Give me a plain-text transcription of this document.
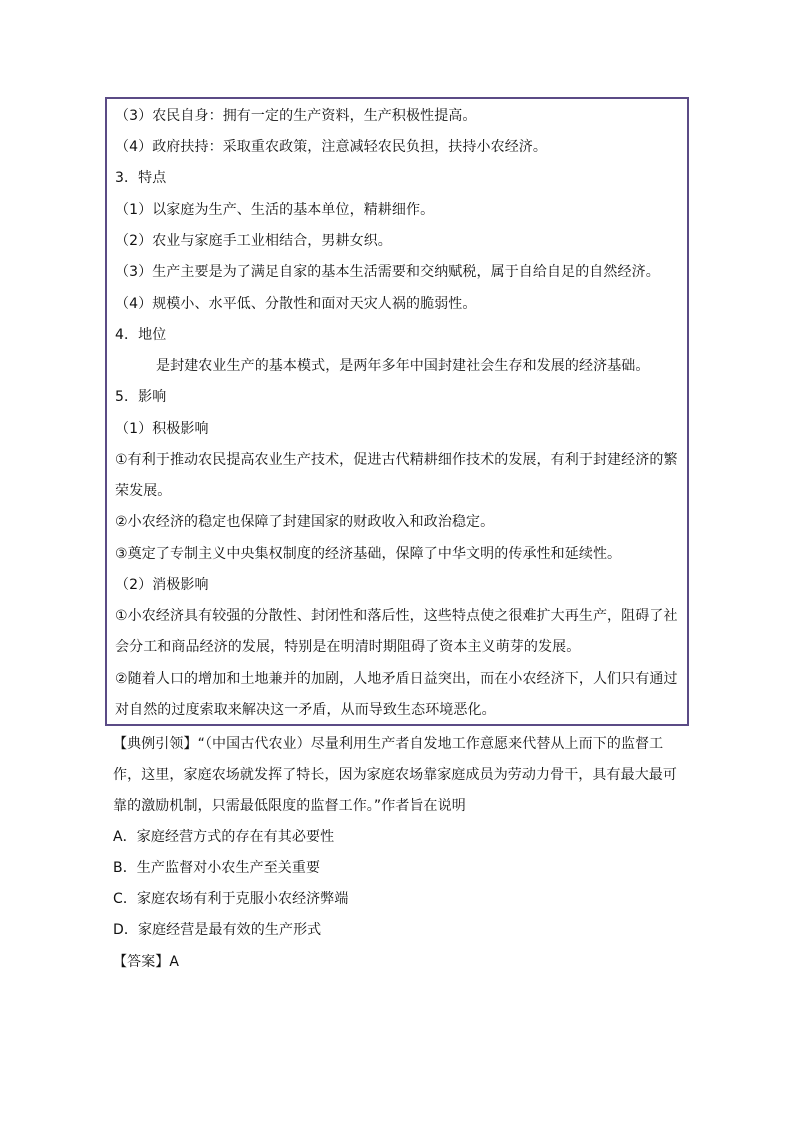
（3）农民自身：拥有一定的生产资料，生产积极性提高。
（4）政府扶持：采取重农政策，注意减轻农民负担，扶持小农经济。
3．特点
（1）以家庭为生产、生活的基本单位，精耕细作。
（2）农业与家庭手工业相结合，男耕女织。
（3）生产主要是为了满足自家的基本生活需要和交纳赋税，属于自给自足的自然经济。
（4）规模小、水平低、分散性和面对天灾人祸的脆弱性。
4．地位
是封建农业生产的基本模式，是两年多年中国封建社会生存和发展的经济基础。
5．影响
（1）积极影响
①有利于推动农民提高农业生产技术，促进古代精耕细作技术的发展，有利于封建经济的繁
荣发展。
②小农经济的稳定也保障了封建国家的财政收入和政治稳定。
③奠定了专制主义中央集权制度的经济基础，保障了中华文明的传承性和延续性。
（2）消极影响
①小农经济具有较强的分散性、封闭性和落后性，这些特点使之很难扩大再生产，阻碍了社
会分工和商品经济的发展，特别是在明清时期阻碍了资本主义萌芽的发展。
②随着人口的增加和土地兼并的加剧，人地矛盾日益突出，而在小农经济下，人们只有通过
对自然的过度索取来解决这一矛盾，从而导致生态环境恶化。
【典例引领】“（中国古代农业）尽量利用生产者自发地工作意愿来代替从上而下的监督工
作，这里，家庭农场就发挥了特长，因为家庭农场靠家庭成员为劳动力骨干，具有最大最可
靠的激励机制，只需最低限度的监督工作。”作者旨在说明
A．家庭经营方式的存在有其必要性
B．生产监督对小农生产至关重要
C．家庭农场有利于克服小农经济弊端
D．家庭经营是最有效的生产形式
【答案】A
